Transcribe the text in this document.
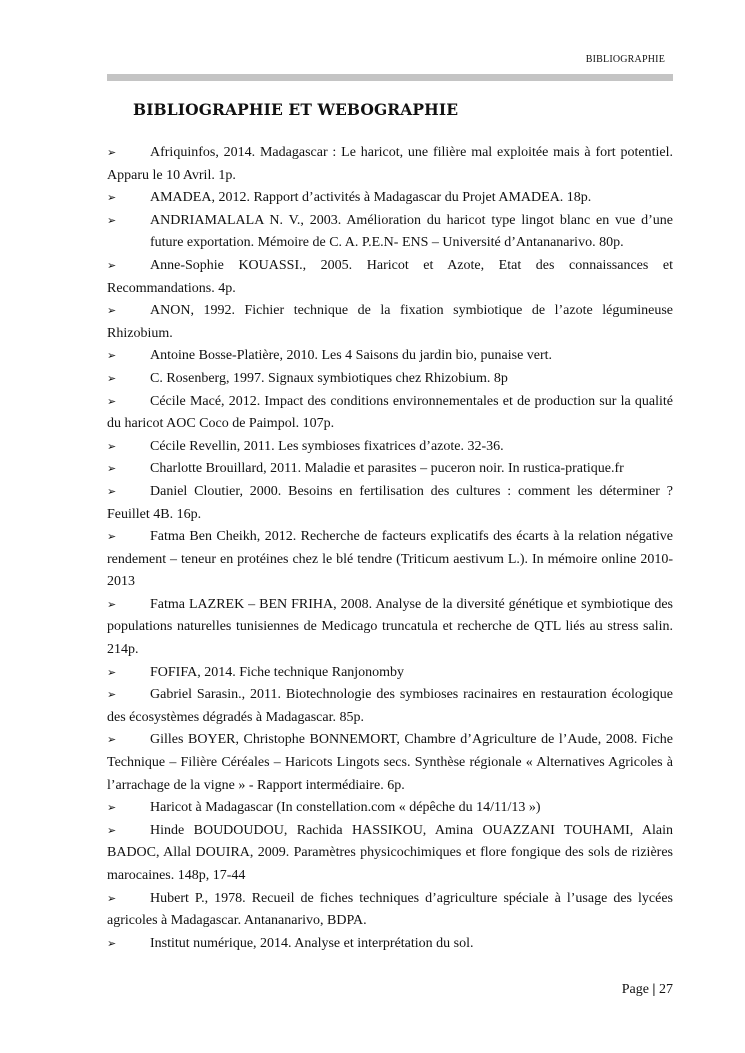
BIBLIOGRAPHIE
BIBLIOGRAPHIE ET WEBOGRAPHIE

➢ Afriquinfos, 2014. Madagascar : Le haricot, une filière mal exploitée mais à fort potentiel. Apparu le 10 Avril. 1p.

➢ AMADEA, 2012. Rapport d’activités à Madagascar du Projet AMADEA. 18p.

➢	ANDRIAMALALA N. V., 2003. Amélioration du haricot type lingot blanc en vue d’une future exportation. Mémoire de C. A. P.E.N- ENS – Université d’Antananarivo. 80p.

➢ Anne-Sophie KOUASSI., 2005. Haricot et Azote, Etat des connaissances et Recommandations. 4p.

➢ ANON, 1992. Fichier technique de la fixation symbiotique de l’azote légumineuse Rhizobium.

➢ Antoine Bosse-Platière, 2010. Les 4 Saisons du jardin bio, punaise vert.

➢ C. Rosenberg, 1997. Signaux symbiotiques chez Rhizobium. 8p

➢ Cécile Macé, 2012. Impact des conditions environnementales et de production sur la qualité du haricot AOC Coco de Paimpol. 107p.

➢ Cécile Revellin, 2011. Les symbioses fixatrices d’azote. 32-36.

➢ Charlotte Brouillard, 2011. Maladie et parasites – puceron noir. In rustica-pratique.fr

➢ Daniel Cloutier, 2000. Besoins en fertilisation des cultures : comment les déterminer ? Feuillet 4B. 16p.

➢ Fatma Ben Cheikh, 2012. Recherche de facteurs explicatifs des écarts à la relation négative rendement – teneur en protéines chez le blé tendre (Triticum aestivum L.). In mémoire online 2010-2013

➢ Fatma LAZREK – BEN FRIHA, 2008. Analyse de la diversité génétique et symbiotique des populations naturelles tunisiennes de Medicago truncatula et recherche de QTL liés au stress salin. 214p.

➢ FOFIFA, 2014. Fiche technique Ranjonomby

➢ Gabriel Sarasin., 2011. Biotechnologie des symbioses racinaires en restauration écologique des écosystèmes dégradés à Madagascar. 85p.

➢ Gilles BOYER, Christophe BONNEMORT, Chambre d’Agriculture de l’Aude, 2008. Fiche Technique – Filière Céréales – Haricots Lingots secs. Synthèse régionale « Alternatives Agricoles à l’arrachage de la vigne » - Rapport intermédiaire. 6p.

➢ Haricot à Madagascar (In constellation.com « dépêche du 14/11/13 »)

➢ Hinde BOUDOUDOU, Rachida HASSIKOU, Amina OUAZZANI TOUHAMI, Alain BADOC, Allal DOUIRA, 2009. Paramètres physicochimiques et flore fongique des sols de rizières marocaines. 148p, 17-44

➢ Hubert P., 1978. Recueil de fiches techniques d’agriculture spéciale à l’usage des lycées agricoles à Madagascar. Antananarivo, BDPA.

➢ Institut numérique, 2014. Analyse et interprétation du sol.

Page | 27
